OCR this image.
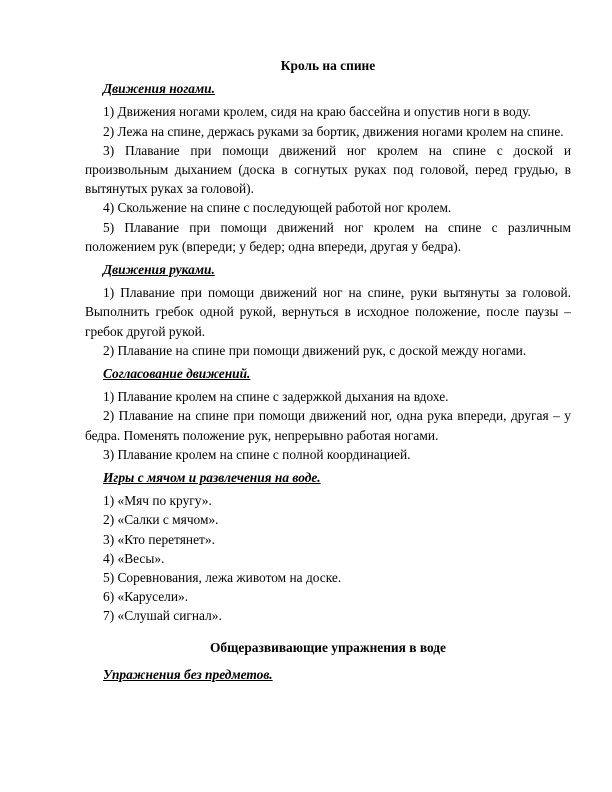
Кроль на спине
Движения ногами.

1) Движения ногами кролем, сидя на краю бассейна и опустив ноги в воду.

2) Лежа на спине, держась руками за бортик, движения ногами кролем на спине.

3) Плавание при помощи движений ног кролем на спине с доской и произвольным дыханием (доска в согнутых руках под головой, перед грудью, в вытянутых руках за головой).

4) Скольжение на спине с последующей работой ног кролем.

5) Плавание при помощи движений ног кролем на спине с различным положением рук (впереди; у бедер; одна впереди, другая у бедра).

Движения руками.

1) Плавание при помощи движений ног на спине, руки вытянуты за головой. Выполнить гребок одной рукой, вернуться в исходное положение, после паузы – гребок другой рукой.

2) Плавание на спине при помощи движений рук, с доской между ногами.

Согласование движений.

1) Плавание кролем на спине с задержкой дыхания на вдохе.

2) Плавание на спине при помощи движений ног, одна рука впереди, другая – у бедра. Поменять положение рук, непрерывно работая ногами.

3) Плавание кролем на спине с полной координацией.

Игры с мячом и развлечения на воде.

1) «Мяч по кругу».

2) «Салки с мячом».

3) «Кто перетянет».

4) «Весы».

5) Соревнования, лежа животом на доске.

6) «Карусели».

7) «Слушай сигнал».

Общеразвивающие упражнения в воде
Упражнения без предметов.
